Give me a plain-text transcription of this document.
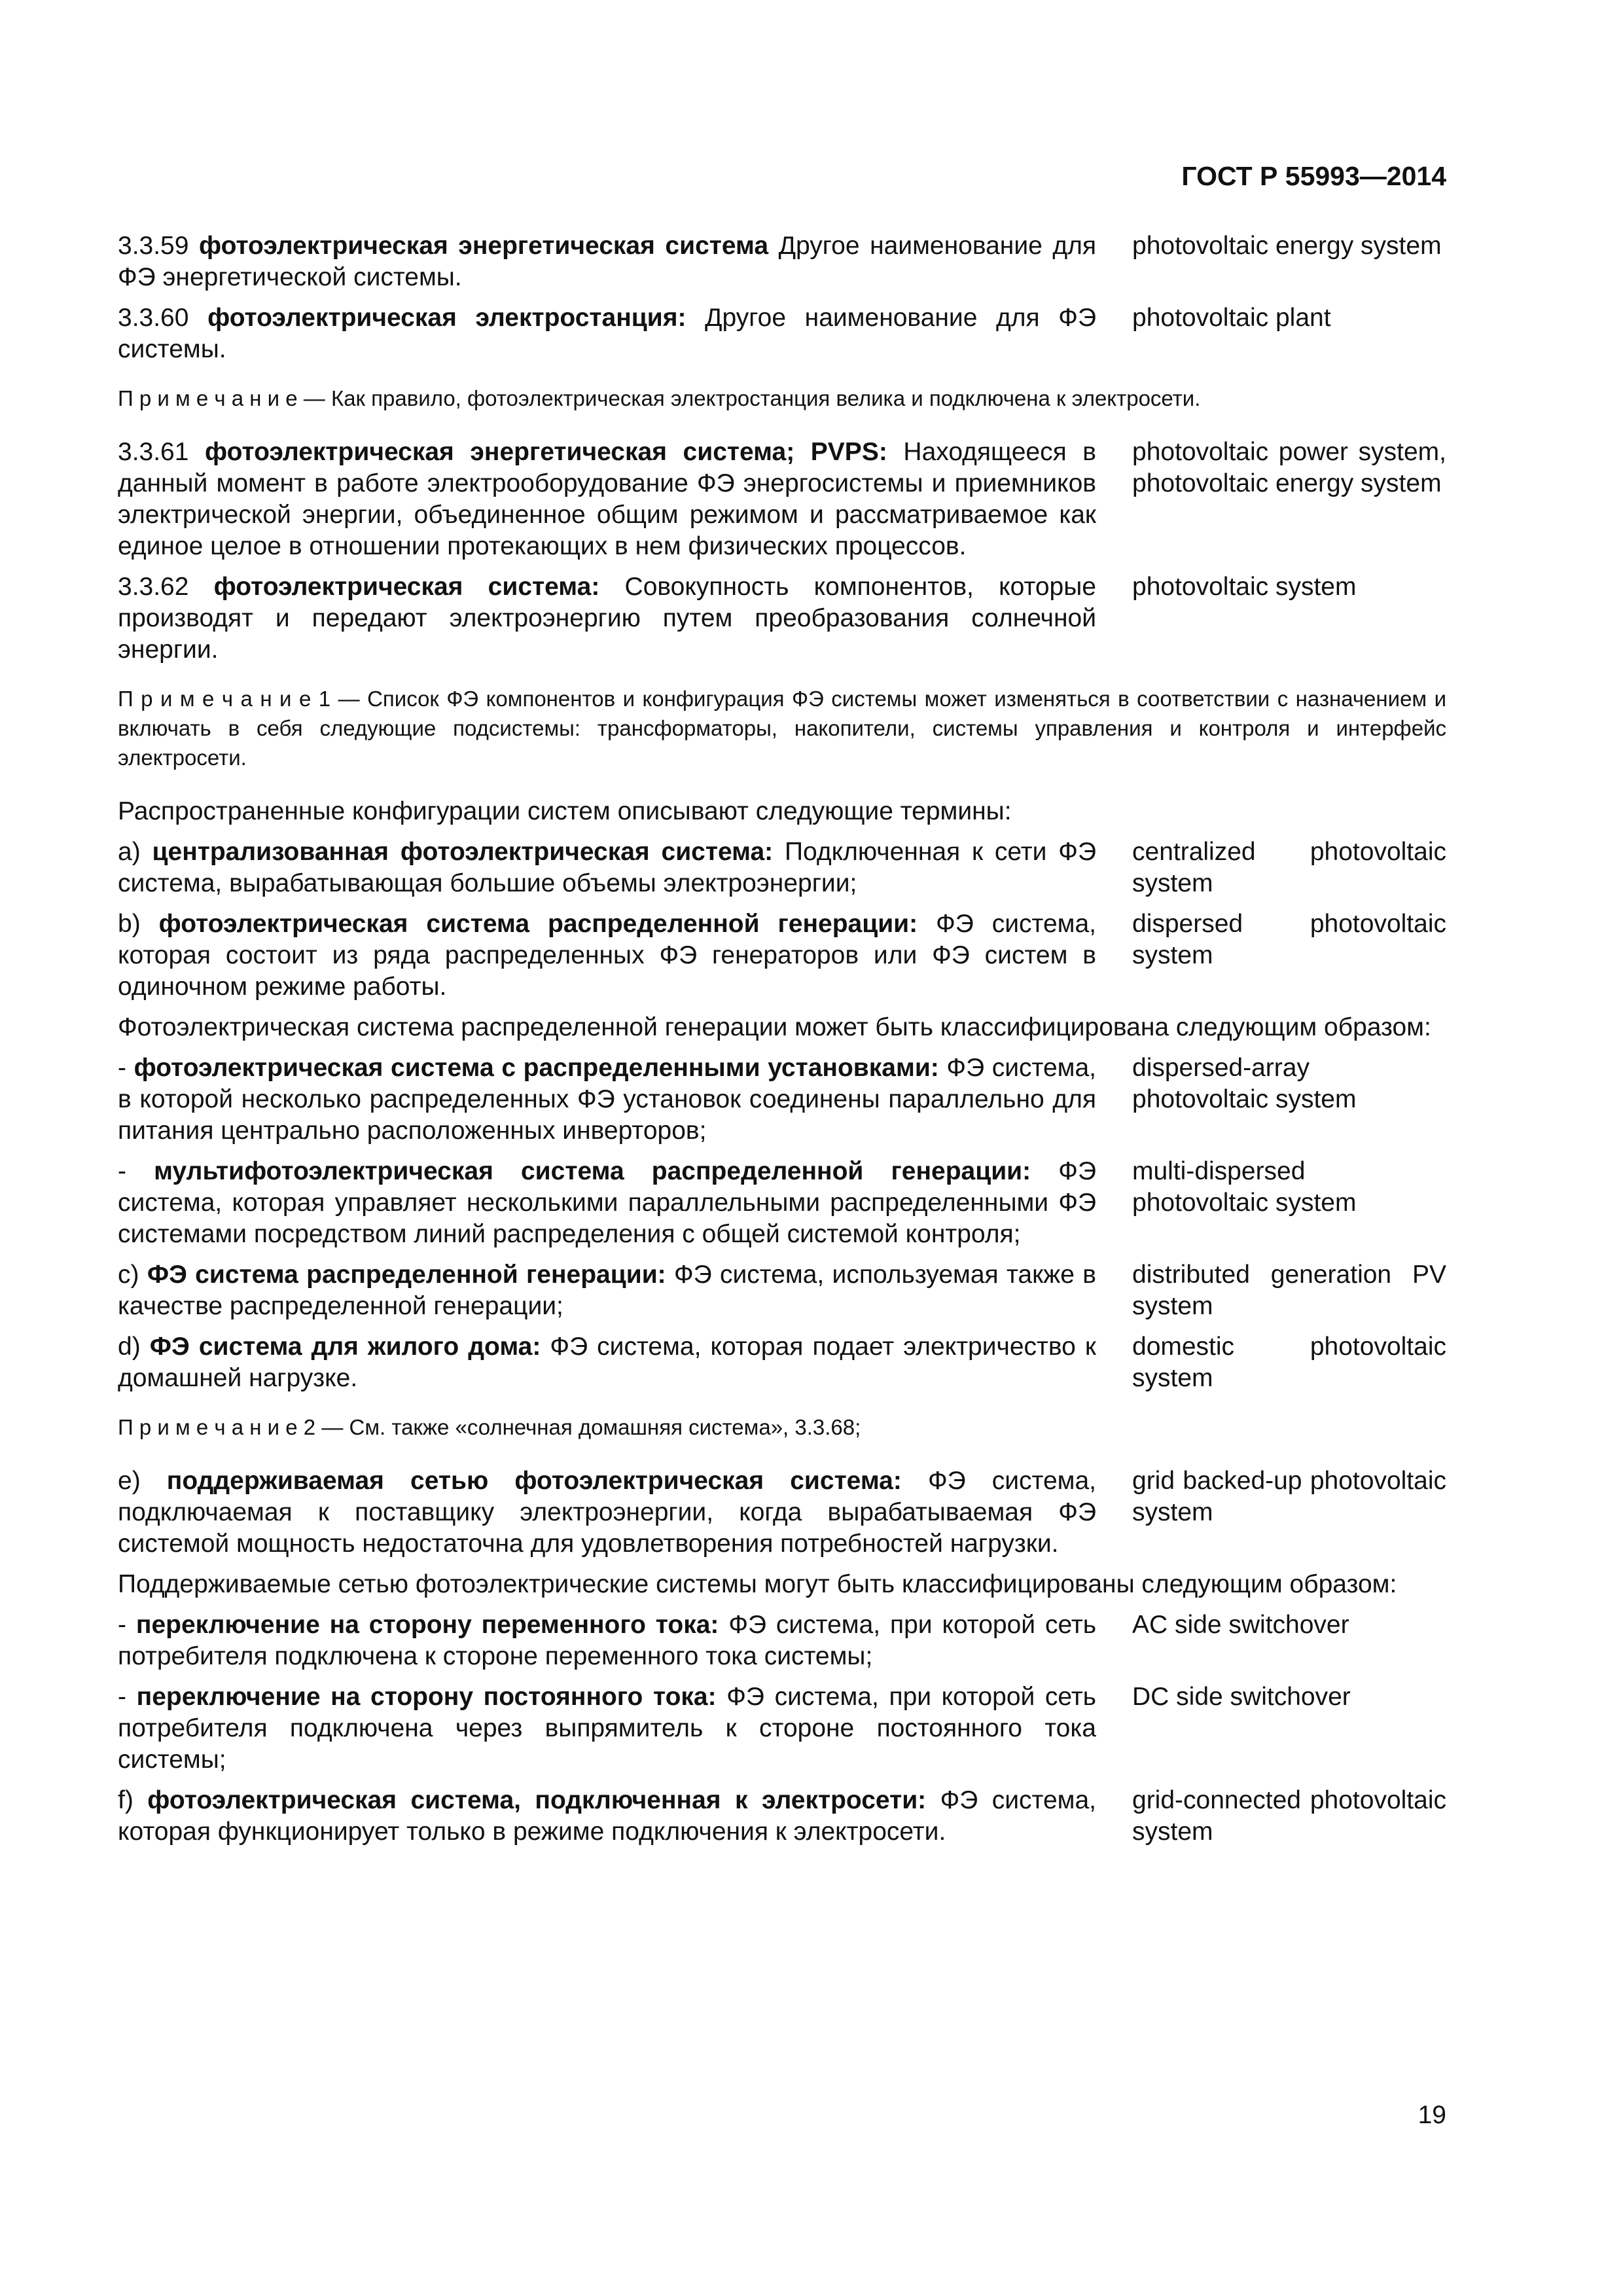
ГОСТ Р 55993—2014
3.3.59 фотоэлектрическая энергетическая система Другое наименование для ФЭ энергетической системы.
photovoltaic energy system
3.3.60 фотоэлектрическая электростанция: Другое наименование для ФЭ системы.
photovoltaic plant
П р и м е ч а н и е — Как правило, фотоэлектрическая электростанция велика и подключена к электросети.
3.3.61 фотоэлектрическая энергетическая система; PVPS: Находящееся в данный момент в работе электрооборудование ФЭ энергосистемы и приемников электрической энергии, объединенное общим режимом и рассматриваемое как единое целое в отношении протекающих в нем физических процессов.
photovoltaic power system, photovoltaic energy system
3.3.62 фотоэлектрическая система: Совокупность компонентов, которые производят и передают электроэнергию путем преобразования солнечной энергии.
photovoltaic system
П р и м е ч а н и е 1 — Список ФЭ компонентов и конфигурация ФЭ системы может изменяться в соответствии с назначением и включать в себя следующие подсистемы: трансформаторы, накопители, системы управления и контроля и интерфейс электросети.
Распространенные конфигурации систем описывают следующие термины:
a) централизованная фотоэлектрическая система: Подключенная к сети ФЭ система, вырабатывающая большие объемы электроэнергии;
centralized photovoltaic system
b) фотоэлектрическая система распределенной генерации: ФЭ система, которая состоит из ряда распределенных ФЭ генераторов или ФЭ систем в одиночном режиме работы.
dispersed photovoltaic system
Фотоэлектрическая система распределенной генерации может быть классифицирована следующим образом:
- фотоэлектрическая система с распределенными установками: ФЭ система, в которой несколько распределенных ФЭ установок соединены параллельно для питания центрально расположенных инверторов;
dispersed-array photovoltaic system
- мультифотоэлектрическая система распределенной генерации: ФЭ система, которая управляет несколькими параллельными распределенными ФЭ системами посредством линий распределения с общей системой контроля;
multi-dispersed photovoltaic system
c) ФЭ система распределенной генерации: ФЭ система, используемая также в качестве распределенной генерации;
distributed generation PV system
d) ФЭ система для жилого дома: ФЭ система, которая подает электричество к домашней нагрузке.
domestic photovoltaic system
П р и м е ч а н и е 2 — См. также «солнечная домашняя система», 3.3.68;
e) поддерживаемая сетью фотоэлектрическая система: ФЭ система, подключаемая к поставщику электроэнергии, когда вырабатываемая ФЭ системой мощность недостаточна для удовлетворения потребностей нагрузки.
grid backed-up photovoltaic system
Поддерживаемые сетью фотоэлектрические системы могут быть классифицированы следующим образом:
- переключение на сторону переменного тока: ФЭ система, при которой сеть потребителя подключена к стороне переменного тока системы;
AC side switchover
- переключение на сторону постоянного тока: ФЭ система, при которой сеть потребителя подключена через выпрямитель к стороне постоянного тока системы;
DC side switchover
f) фотоэлектрическая система, подключенная к электросети: ФЭ система, которая функционирует только в режиме подключения к электросети.
grid-connected photovoltaic system
19
